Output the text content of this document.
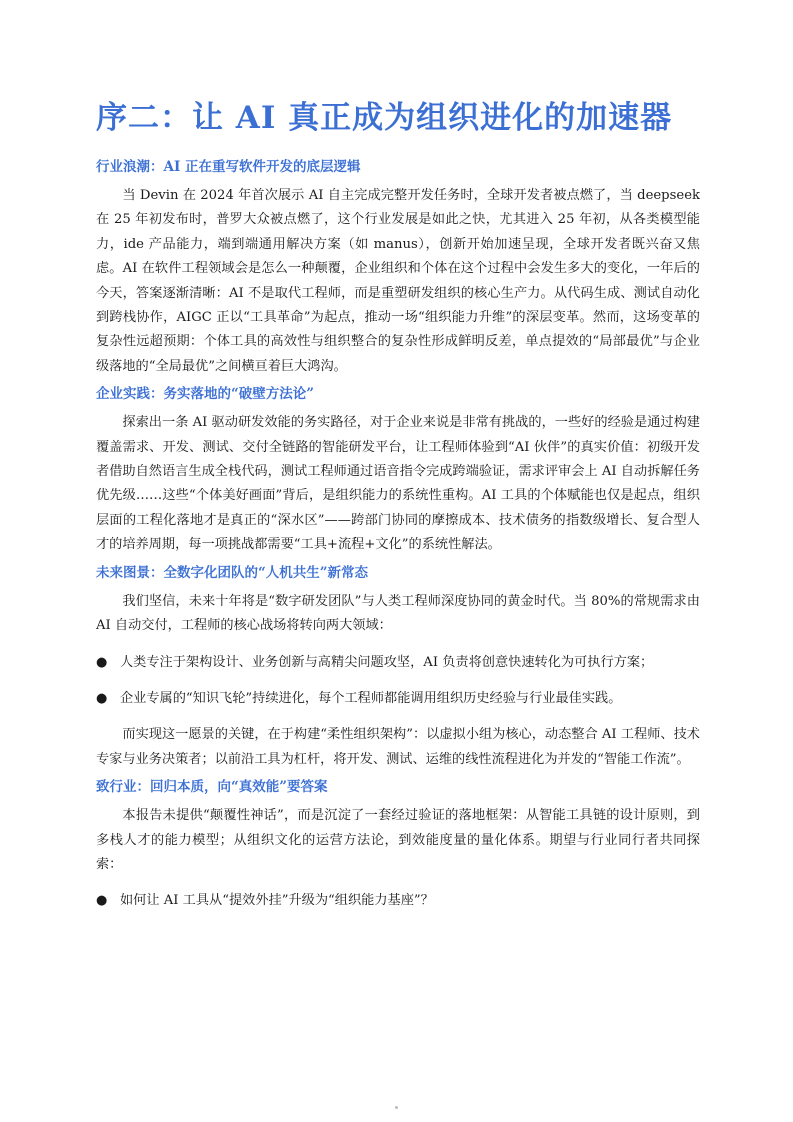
序二：让 AI 真正成为组织进化的加速器
行业浪潮：AI 正在重写软件开发的底层逻辑

当 Devin 在 2024 年首次展示 AI 自主完成完整开发任务时，全球开发者被点燃了，当 deepseek 在 25 年初发布时，普罗大众被点燃了，这个行业发展是如此之快，尤其进入 25 年初，从各类模型能力，ide 产品能力，端到端通用解决方案（如 manus），创新开始加速呈现，全球开发者既兴奋又焦虑。AI 在软件工程领域会是怎么一种颠覆，企业组织和个体在这个过程中会发生多大的变化，一年后的今天，答案逐渐清晰：AI 不是取代工程师，而是重塑研发组织的核心生产力。从代码生成、测试自动化到跨栈协作，AIGC 正以“工具革命”为起点，推动一场“组织能力升维”的深层变革。然而，这场变革的复杂性远超预期：个体工具的高效性与组织整合的复杂性形成鲜明反差，单点提效的“局部最优”与企业级落地的“全局最优”之间横亘着巨大鸿沟。

企业实践：务实落地的“破壁方法论”

探索出一条 AI 驱动研发效能的务实路径，对于企业来说是非常有挑战的，一些好的经验是通过构建覆盖需求、开发、测试、交付全链路的智能研发平台，让工程师体验到“AI 伙伴”的真实价值：初级开发者借助自然语言生成全栈代码，测试工程师通过语音指令完成跨端验证，需求评审会上 AI 自动拆解任务优先级……这些“个体美好画面”背后，是组织能力的系统性重构。AI 工具的个体赋能也仅是起点，组织层面的工程化落地才是真正的“深水区”——跨部门协同的摩擦成本、技术债务的指数级增长、复合型人才的培养周期，每一项挑战都需要“工具+流程+文化”的系统性解法。

未来图景：全数字化团队的“人机共生”新常态

我们坚信，未来十年将是“数字研发团队”与人类工程师深度协同的黄金时代。当 80%的常规需求由 AI 自动交付，工程师的核心战场将转向两大领域：

● 人类专注于架构设计、业务创新与高精尖问题攻坚，AI 负责将创意快速转化为可执行方案；
● 企业专属的“知识飞轮”持续进化，每个工程师都能调用组织历史经验与行业最佳实践。

而实现这一愿景的关键，在于构建“柔性组织架构”：以虚拟小组为核心，动态整合 AI 工程师、技术专家与业务决策者；以前沿工具为杠杆，将开发、测试、运维的线性流程进化为并发的“智能工作流”。

致行业：回归本质，向“真效能”要答案

本报告未提供“颠覆性神话”，而是沉淀了一套经过验证的落地框架：从智能工具链的设计原则，到多栈人才的能力模型；从组织文化的运营方法论，到效能度量的量化体系。期望与行业同行者共同探索：

● 如何让 AI 工具从“提效外挂”升级为“组织能力基座”？
